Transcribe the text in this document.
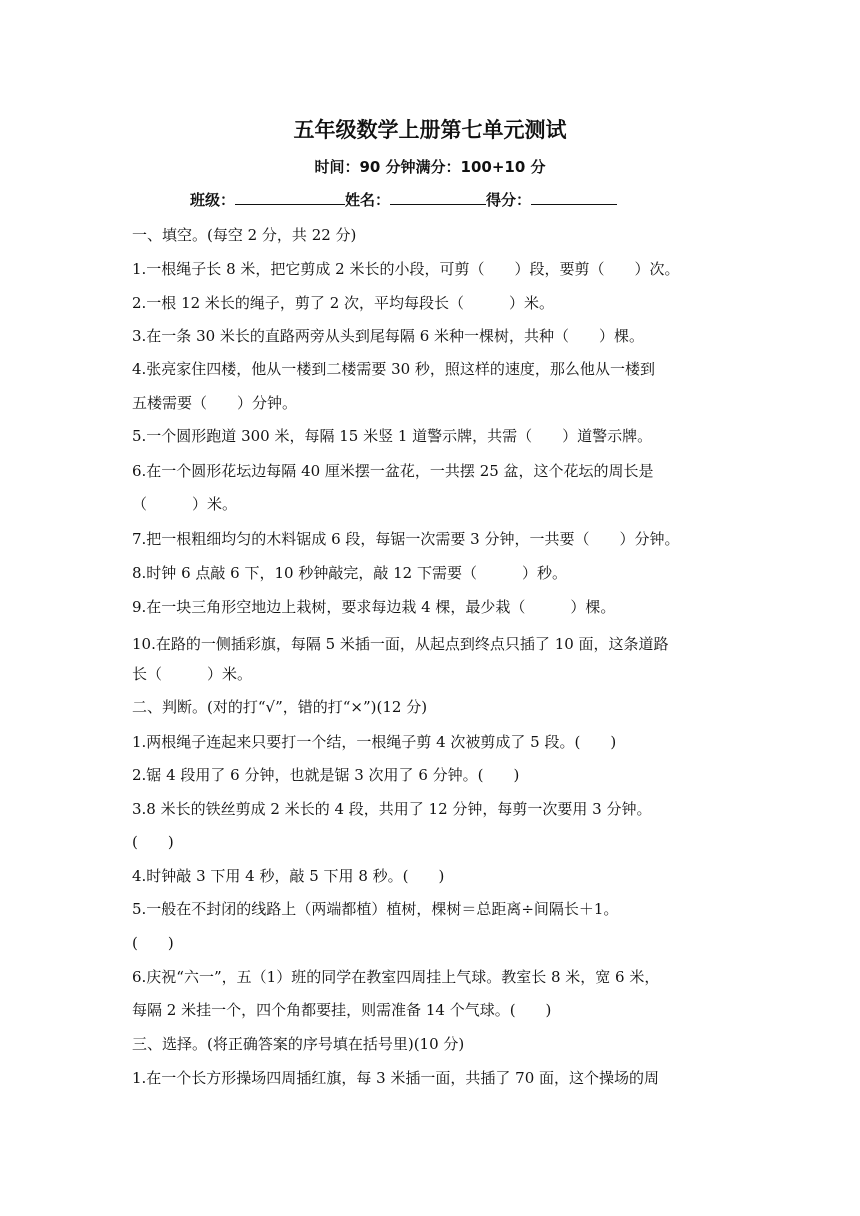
五年级数学上册第七单元测试
时间：90 分钟满分：100+10 分
班级：	姓名：	得分：
一、填空。(每空 2 分，共 22 分)
1.一根绳子长 8 米，把它剪成 2 米长的小段，可剪（　　）段，要剪（　　）次。
2.一根 12 米长的绳子，剪了 2 次，平均每段长（　　　）米。
3.在一条 30 米长的直路两旁从头到尾每隔 6 米种一棵树，共种（　　）棵。
4.张亮家住四楼，他从一楼到二楼需要 30 秒，照这样的速度，那么他从一楼到
五楼需要（　　）分钟。
5.一个圆形跑道 300 米，每隔 15 米竖 1 道警示牌，共需（　　）道警示牌。
6.在一个圆形花坛边每隔 40 厘米摆一盆花，一共摆 25 盆，这个花坛的周长是
（　　　）米。
7.把一根粗细均匀的木料锯成 6 段，每锯一次需要 3 分钟，一共要（　　）分钟。
8.时钟 6 点敲 6 下，10 秒钟敲完，敲 12 下需要（　　　）秒。
9.在一块三角形空地边上栽树，要求每边栽 4 棵，最少栽（　　　）棵。
10.在路的一侧插彩旗，每隔 5 米插一面，从起点到终点只插了 10 面，这条道路
长（　　　）米。
二、判断。(对的打“√”，错的打“×”)(12 分)
1.两根绳子连起来只要打一个结，一根绳子剪 4 次被剪成了 5 段。(　　)
2.锯 4 段用了 6 分钟，也就是锯 3 次用了 6 分钟。(　　)
3.8 米长的铁丝剪成 2 米长的 4 段，共用了 12 分钟，每剪一次要用 3 分钟。
(　　)
4.时钟敲 3 下用 4 秒，敲 5 下用 8 秒。(　　)
5.一般在不封闭的线路上（两端都植）植树，棵树＝总距离÷间隔长＋1。
(　　)
6.庆祝“六一”，五（1）班的同学在教室四周挂上气球。教室长 8 米，宽 6 米，
每隔 2 米挂一个，四个角都要挂，则需准备 14 个气球。(　　)
三、选择。(将正确答案的序号填在括号里)(10 分)
1.在一个长方形操场四周插红旗，每 3 米插一面，共插了 70 面，这个操场的周
